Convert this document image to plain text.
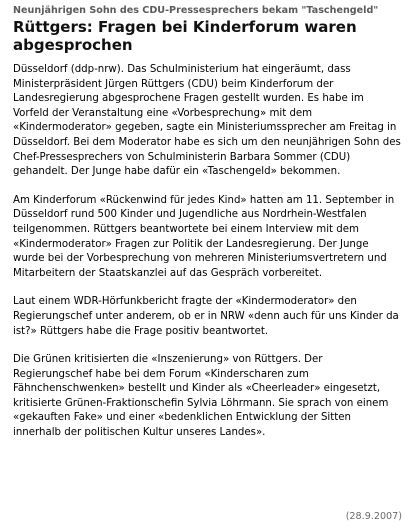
Neunjährigen Sohn des CDU-Pressesprechers bekam "Taschengeld"
Rüttgers: Fragen bei Kinderforum waren abgesprochen

Düsseldorf (ddp-nrw). Das Schulministerium hat eingeräumt, dass Ministerpräsident Jürgen Rüttgers (CDU) beim Kinderforum der Landesregierung abgesprochene Fragen gestellt wurden. Es habe im Vorfeld der Veranstaltung eine «Vorbesprechung» mit dem «Kindermoderator» gegeben, sagte ein Ministeriumssprecher am Freitag in Düsseldorf. Bei dem Moderator habe es sich um den neunjährigen Sohn des Chef-Pressesprechers von Schulministerin Barbara Sommer (CDU) gehandelt. Der Junge habe dafür ein «Taschengeld» bekommen.

Am Kinderforum «Rückenwind für jedes Kind» hatten am 11. September in Düsseldorf rund 500 Kinder und Jugendliche aus Nordrhein-Westfalen teilgenommen. Rüttgers beantwortete bei einem Interview mit dem «Kindermoderator» Fragen zur Politik der Landesregierung. Der Junge wurde bei der Vorbesprechung von mehreren Ministeriumsvertretern und Mitarbeitern der Staatskanzlei auf das Gespräch vorbereitet.

Laut einem WDR-Hörfunkbericht fragte der «Kindermoderator» den Regierungschef unter anderem, ob er in NRW «denn auch für uns Kinder da ist?» Rüttgers habe die Frage positiv beantwortet.

Die Grünen kritisierten die «Inszenierung» von Rüttgers. Der Regierungschef habe bei dem Forum «Kinderscharen zum Fähnchenschwenken» bestellt und Kinder als «Cheerleader» eingesetzt, kritisierte Grünen-Fraktionschefin Sylvia Löhrmann. Sie sprach von einem «gekauften Fake» und einer «bedenklichen Entwicklung der Sitten innerhalb der politischen Kultur unseres Landes».

(28.9.2007)
